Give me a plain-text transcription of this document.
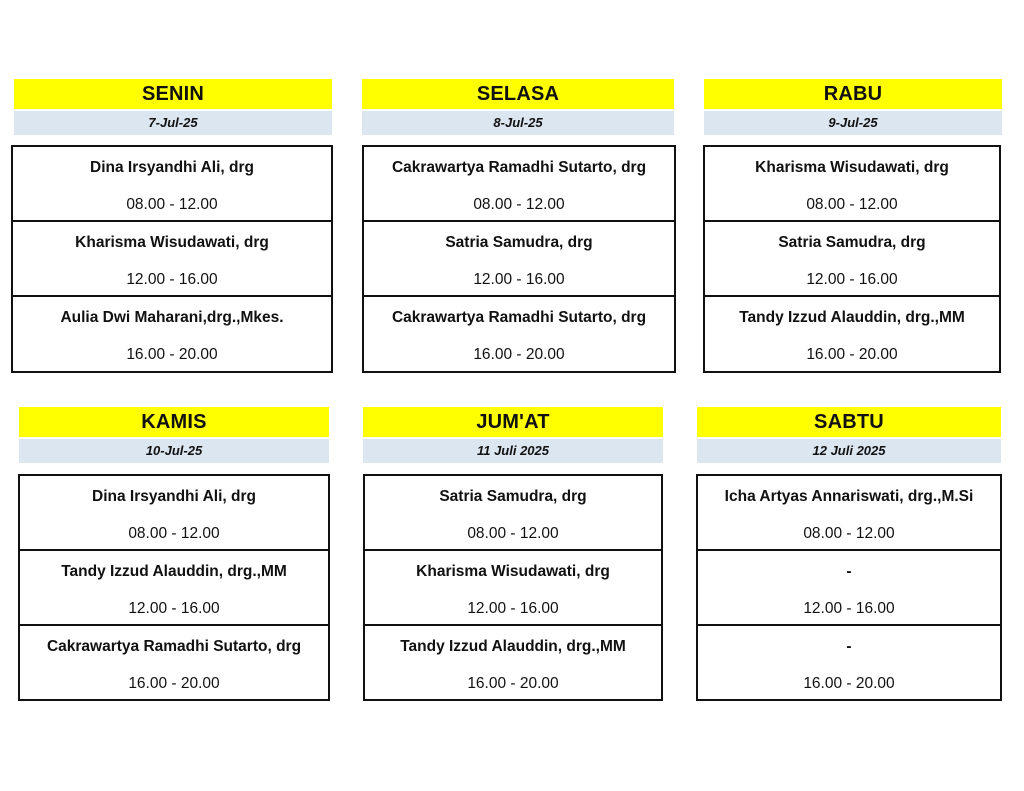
SENIN
7-Jul-25
Dina Irsyandhi Ali, drg
08.00 - 12.00
Kharisma Wisudawati, drg
12.00 - 16.00
Aulia Dwi Maharani,drg.,Mkes.
16.00 - 20.00
SELASA
8-Jul-25
Cakrawartya Ramadhi Sutarto, drg
08.00 - 12.00
Satria Samudra, drg
12.00 - 16.00
Cakrawartya Ramadhi Sutarto, drg
16.00 - 20.00
RABU
9-Jul-25
Kharisma Wisudawati, drg
08.00 - 12.00
Satria Samudra, drg
12.00 - 16.00
Tandy Izzud Alauddin, drg.,MM
16.00 - 20.00
KAMIS
10-Jul-25
Dina Irsyandhi Ali, drg
08.00 - 12.00
Tandy Izzud Alauddin, drg.,MM
12.00 - 16.00
Cakrawartya Ramadhi Sutarto, drg
16.00 - 20.00
JUM'AT
11 Juli 2025
Satria Samudra, drg
08.00 - 12.00
Kharisma Wisudawati, drg
12.00 - 16.00
Tandy Izzud Alauddin, drg.,MM
16.00 - 20.00
SABTU
12 Juli 2025
Icha Artyas Annariswati, drg.,M.Si
08.00 - 12.00
-
12.00 - 16.00
-
16.00 - 20.00
